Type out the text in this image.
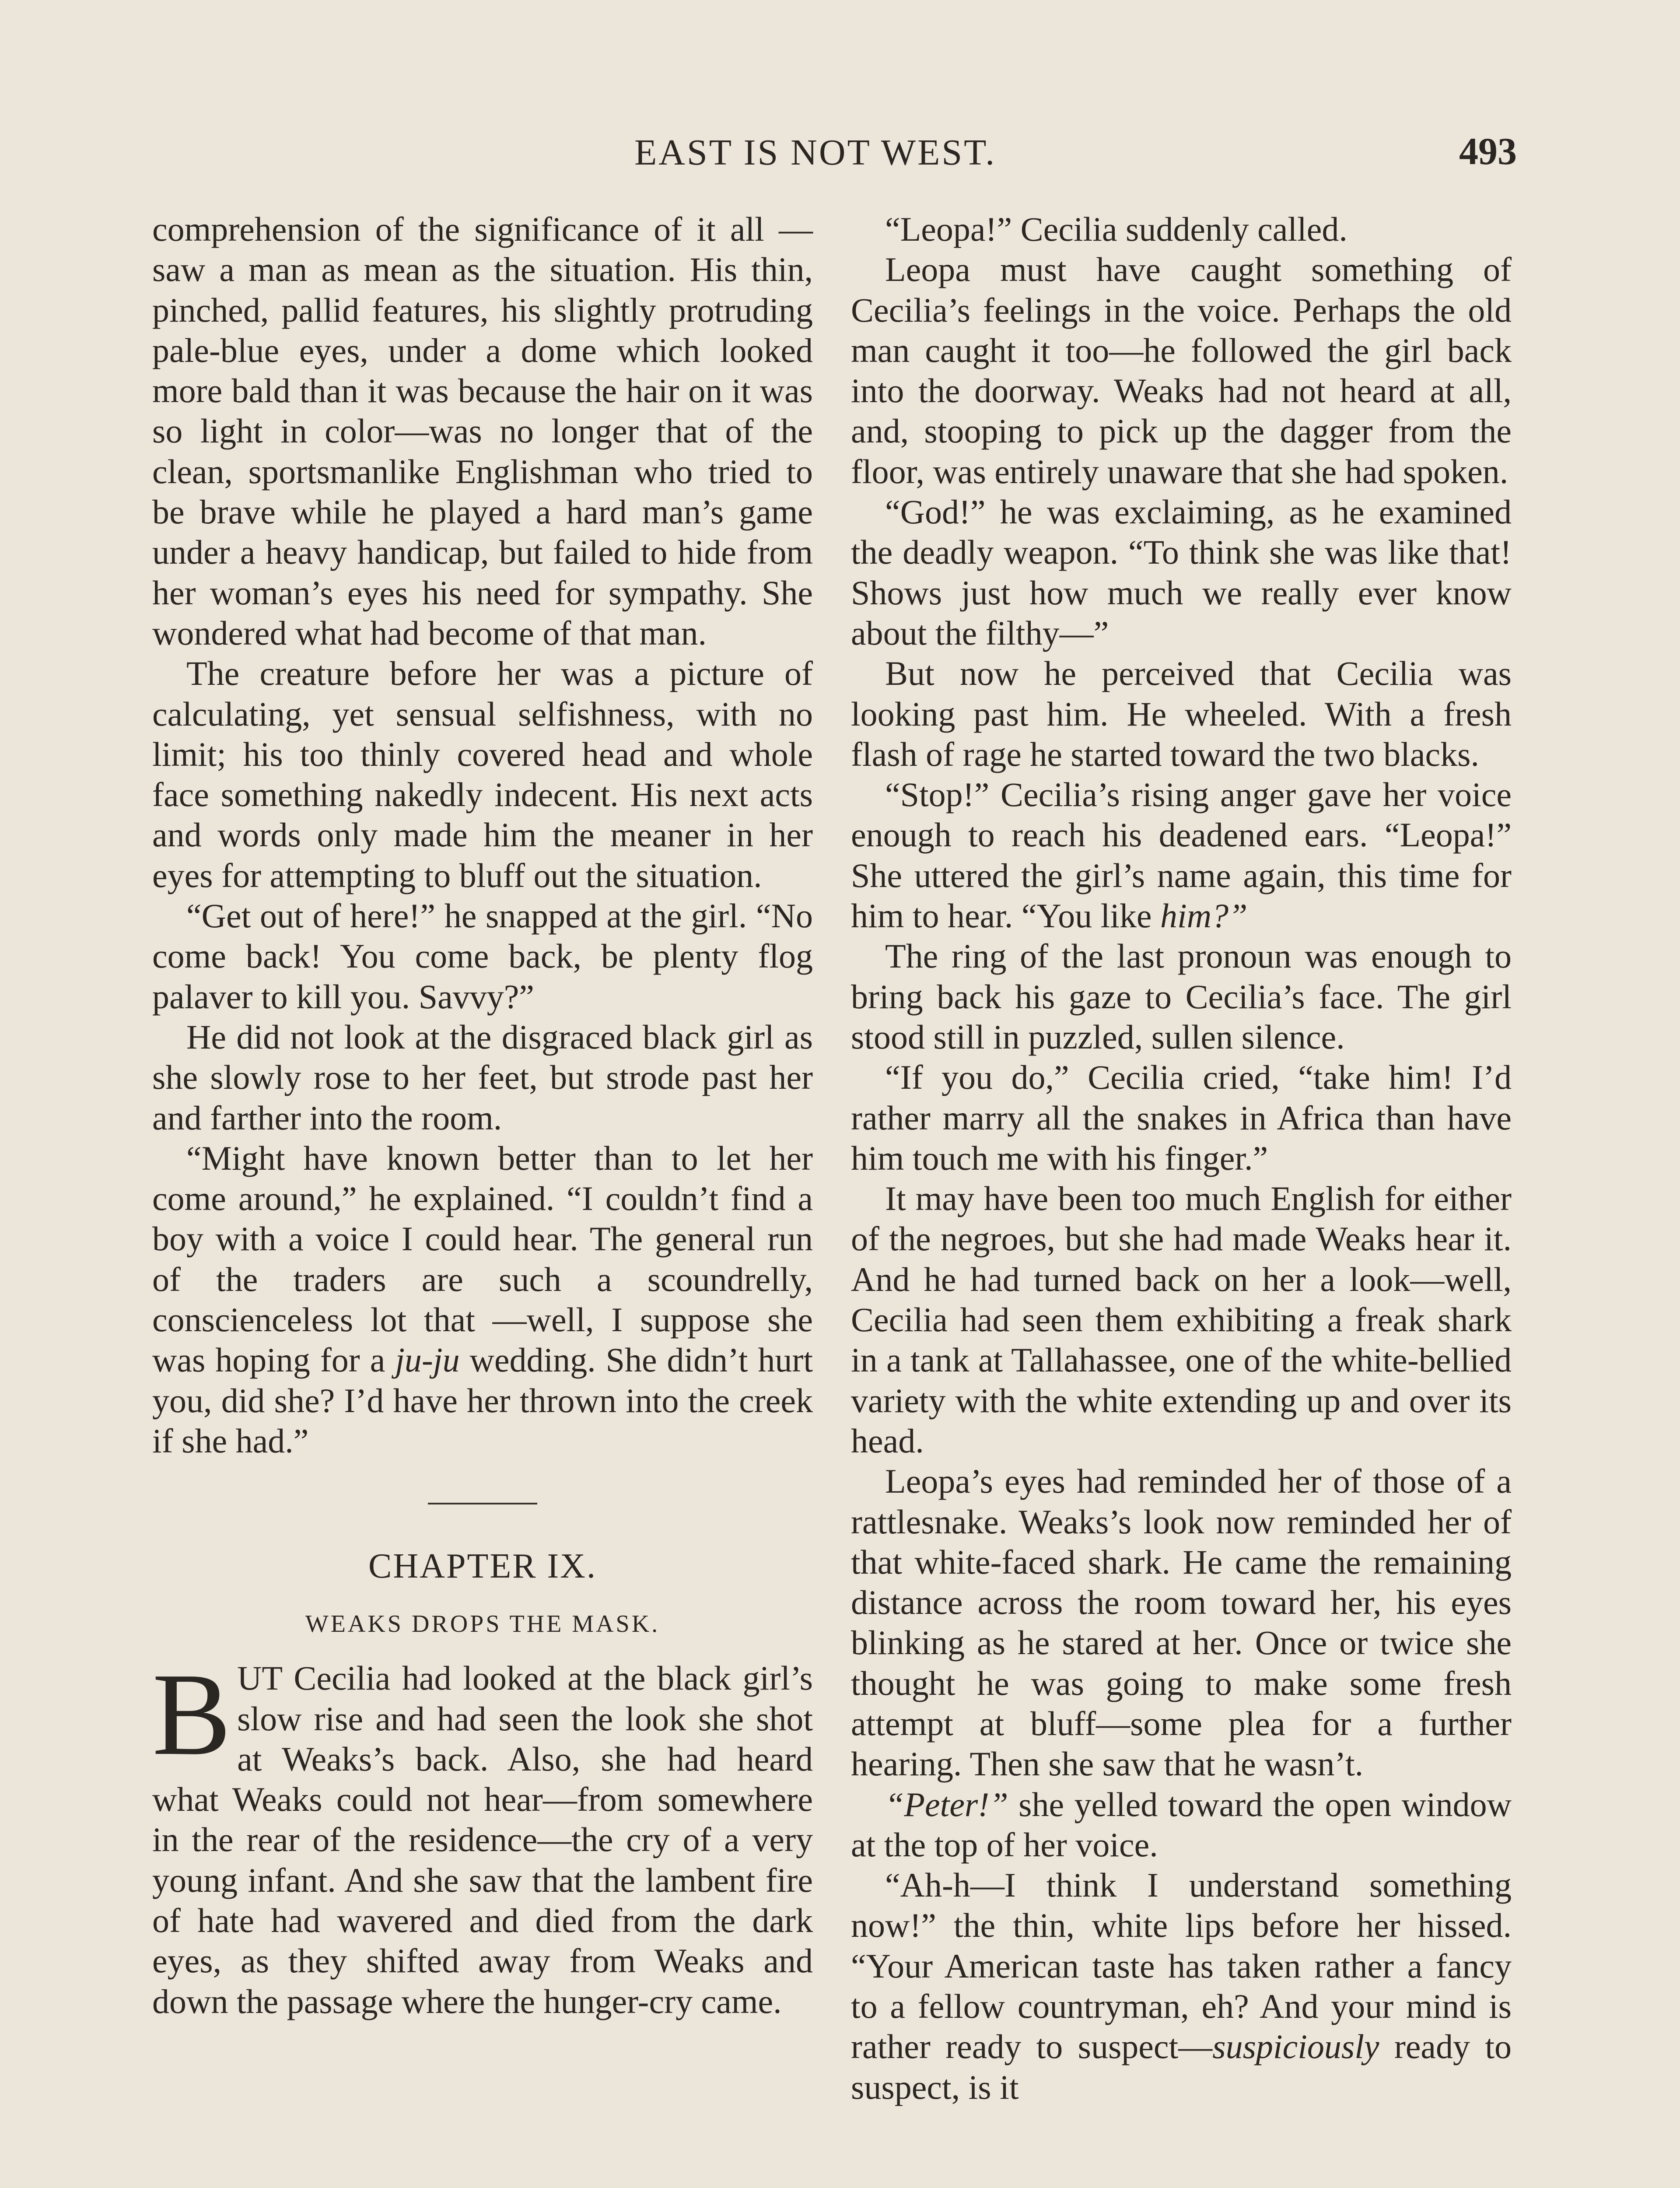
EAST IS NOT WEST.	493

comprehension of the significance of it all —saw a man as mean as the situation. His thin, pinched, pallid features, his slightly protruding pale-blue eyes, under a dome which looked more bald than it was because the hair on it was so light in color—was no longer that of the clean, sportsmanlike Englishman who tried to be brave while he played a hard man’s game under a heavy handicap, but failed to hide from her woman’s eyes his need for sympathy. She wondered what had become of that man.

The creature before her was a picture of calculating, yet sensual selfishness, with no limit; his too thinly covered head and whole face something nakedly indecent. His next acts and words only made him the meaner in her eyes for attempting to bluff out the situation.

“Get out of here!” he snapped at the girl. “No come back! You come back, be plenty flog palaver to kill you. Savvy?”

He did not look at the disgraced black girl as she slowly rose to her feet, but strode past her and farther into the room.

“Might have known better than to let her come around,” he explained. “I couldn’t find a boy with a voice I could hear. The general run of the traders are such a scoundrelly, conscienceless lot that —well, I suppose she was hoping for a ju-ju wedding. She didn’t hurt you, did she? I’d have her thrown into the creek if she had.”

CHAPTER IX.
WEAKS DROPS THE MASK.

BUT Cecilia had looked at the black girl’s slow rise and had seen the look she shot at Weaks’s back. Also, she had heard what Weaks could not hear—from somewhere in the rear of the residence—the cry of a very young infant. And she saw that the lambent fire of hate had wavered and died from the dark eyes, as they shifted away from Weaks and down the passage where the hunger-cry came.

“Leopa!” Cecilia suddenly called.

Leopa must have caught something of Cecilia’s feelings in the voice. Perhaps the old man caught it too—he followed the girl back into the doorway. Weaks had not heard at all, and, stooping to pick up the dagger from the floor, was entirely unaware that she had spoken.

“God!” he was exclaiming, as he examined the deadly weapon. “To think she was like that! Shows just how much we really ever know about the filthy—”

But now he perceived that Cecilia was looking past him. He wheeled. With a fresh flash of rage he started toward the two blacks.

“Stop!” Cecilia’s rising anger gave her voice enough to reach his deadened ears. “Leopa!” She uttered the girl’s name again, this time for him to hear. “You like him?”

The ring of the last pronoun was enough to bring back his gaze to Cecilia’s face. The girl stood still in puzzled, sullen silence.

“If you do,” Cecilia cried, “take him! I’d rather marry all the snakes in Africa than have him touch me with his finger.”

It may have been too much English for either of the negroes, but she had made Weaks hear it. And he had turned back on her a look—well, Cecilia had seen them exhibiting a freak shark in a tank at Tallahassee, one of the white-bellied variety with the white extending up and over its head.

Leopa’s eyes had reminded her of those of a rattlesnake. Weaks’s look now reminded her of that white-faced shark. He came the remaining distance across the room toward her, his eyes blinking as he stared at her. Once or twice she thought he was going to make some fresh attempt at bluff—some plea for a further hearing. Then she saw that he wasn’t.

“Peter!” she yelled toward the open window at the top of her voice.

“Ah-h—I think I understand something now!” the thin, white lips before her hissed. “Your American taste has taken rather a fancy to a fellow countryman, eh? And your mind is rather ready to suspect—suspiciously ready to suspect, is it
